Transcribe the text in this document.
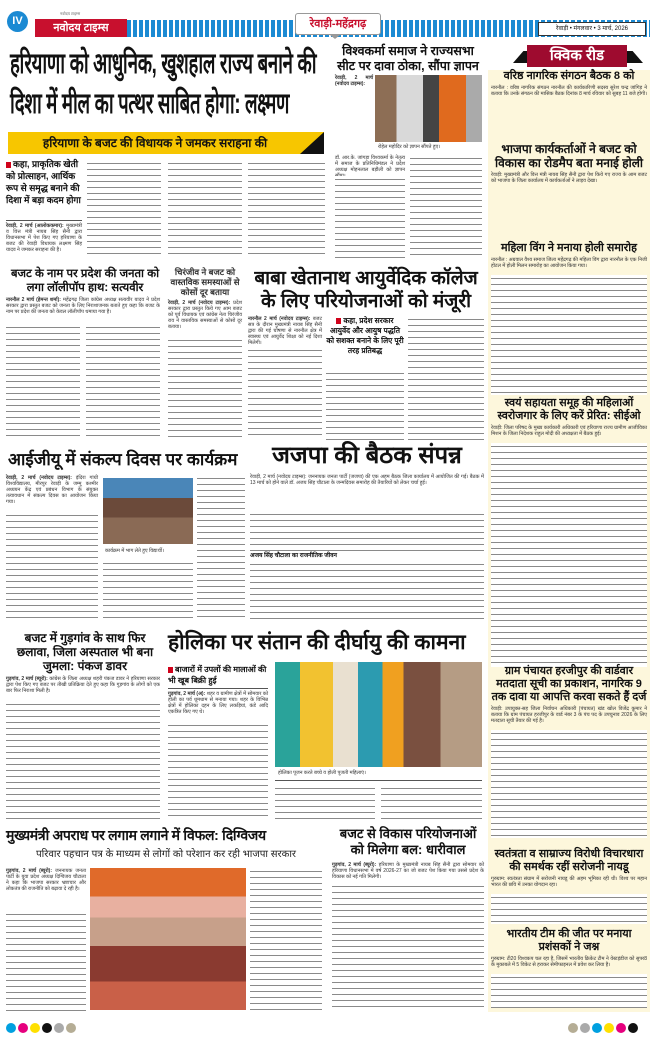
IV
नवोदय टाइम्स
नवोदय टाइम्स	रेवाड़ी-महेंद्रगढ़	रेवाड़ी • मंगलवार • 3 मार्च, 2026
हरियाणा को आधुनिक, खुशहाल राज्य बनाने की दिशा में मील का पत्थर साबित होगा: लक्ष्मण
हरियाणा के बजट की विधायक ने जमकर सराहना की
कहा, प्राकृतिक खेती को प्रोत्साहन, आर्थिक रूप से समृद्ध बनाने की दिशा में बड़ा कदम होगा
रेवाड़ी, 2 मार्च (आलोककमार): मुख्यमंत्री व वित्त मंत्री नायब सिंह सैनी द्वारा विधानसभा में पेश किए गए हरियाणा के बजट की रेवाड़ी विधायक लक्ष्मण सिंह यादव ने जमकर सराहना की है।
विश्वकर्मा समाज ने राज्यसभा सीट पर दावा ठोका, सौंपा ज्ञापन
रेवाड़ी, 2 मार्च (नवोदय टाइम्स):
रोहेल महोदिर को ज्ञापन सौंपते हुए।
डॉ. आर.के. जांगड़ा विश्वकर्मा के नेतृत्व में समाज के प्रतिनिधिमंडल ने प्रदेश अध्यक्ष मोहनलाल बड़ौली को ज्ञापन
क्विक रीड
वरिष्ठ नागरिक संगठन बैठक 8 को
नारनौल : वरिष्ठ नागरिक संगठन नारनौल की कार्यकारिणी सदस्य सुरेश चन्द्र जांगिड़ ने बताया कि उनके संगठन की मासिक बैठक दिनांक 8 मार्च रविवार को सुबह 11 बजे होगी।
भाजपा कार्यकर्ताओं ने बजट को विकास का रोडमैप बता मनाई होली
रेवाड़ी: मुख्यमंत्री और वित्त मंत्री नायब सिंह सैनी द्वारा पेश किये गए राज्य के आम बजट को भाजपा के जिला कार्यालय में कार्यकर्ताओं ने लाइव देखा।
महिला विंग ने मनाया होली समारोह
नारनौल : अग्रवाल वैश्य समाज जिला महेंद्रगढ़ की महिला विंग द्वारा नारनौल के एक निजी होटल में होली मिलन समारोह का आयोजन किया गया।
स्वयं सहायता समूह की महिलाओं स्वरोजगार के लिए करें प्रेरित: सीईओ
रेवाड़ी: जिला परिषद के मुख्य कार्यकारी अधिकारी एवं हरियाणा राज्य ग्रामीण आजीविका मिशन के जिला निदेशक राहुल मोदी की अध्यक्षता में बैठक हुई।
ग्राम पंचायत हरजीपुर की वार्डवार मतदाता सूची का प्रकाशन, नागरिक 9 तक दावा या आपत्ति करवा सकते हैं दर्ज
रेवाड़ी: उपायुक्त-सह जिला निर्वाचन अधिकारी (पंचायत) खंड खोल विजेंद्र कुमार ने बताया कि ग्राम पंचायत हरजीपुर के वार्ड नंबर 3 के पंच पद के उपचुनाव 2026 के लिए मतदाता सूची तैयार की गई है।
स्वतंत्रता व साम्राज्य विरोधी विचारधारा की समर्थक रहीं सरोजनी नायडू
गुरुग्राम: स्वतंत्रता संग्राम में सरोजनी नायडू की अहम भूमिका रही थी। विश्व पर महान भारत की छवि में उनका योगदान रहा।
भारतीय टीम की जीत पर मनाया प्रशंसकों ने जश्न
गुरुग्राम: टी20 विश्वकप चल रहा है, जिसमें भारतीय क्रिकेट टीम ने वेस्टइंडीज को सुपर8 के मुकाबले में 5 विकेट से हराकर सेमीफाइनल में प्रवेश कर लिया है।
बजट के नाम पर प्रदेश की जनता को लगा लॉलीपॉप हाथ: सत्यवीर
नारनौल 2 मार्च (हेमन्त शर्मा): महेंद्रगढ़ जिला कांग्रेस अध्यक्ष सत्यवीर यादव ने प्रदेश सरकार द्वारा प्रस्तुत बजट को जनता के लिए निराशाजनक बताते हुए कहा कि बजट के नाम पर प्रदेश की जनता को केवल लॉलीपॉप थमाया गया है।
चिरंजीव ने बजट को वास्तविक समस्याओं से कोसों दूर बताया
रेवाड़ी, 2 मार्च (नवोदय टाइम्स): प्रदेश सरकार द्वारा प्रस्तुत किये गए आम बजट को पूर्व विधायक एवं कांग्रेस नेता चिरंजीव राव ने वास्तविक समस्याओं से कोसों दूर बताया।
बाबा खेतानाथ आयुर्वेदिक कॉलेज के लिए परियोजनाओं को मंजूरी
नारनौल 2 मार्च (नवोदय टाइम्स): बजट सत्र के दौरान मुख्यमंत्री नायब सिंह सैनी द्वारा की गई घोषणा से नारनौल क्षेत्र में स्वास्थ्य एवं आयुर्वेद शिक्षा को नई दिशा मिलेगी।
कहा, प्रदेश सरकार आयुर्वेद और आयुष पद्धति को सशक्त बनाने के लिए पूरी तरह प्रतिबद्ध
आईजीयू में संकल्प दिवस पर कार्यक्रम
रेवाड़ी, 2 मार्च (नवोदय टाइम्स): इंदिरा गांधी विश्वविद्यालय, मीरपुर रेवाड़ी के जम्मू कश्मीर अध्ययन केंद्र एवं प्रबंधन विभाग के संयुक्त तत्वावधान में संकल्प दिवस का आयोजन किया गया।
कार्यक्रम में भाग लेते हुए विद्यार्थी।
जजपा की बैठक संपन्न
रेवाड़ी, 2 मार्च (नवोदय टाइम्स): जननायक जनता पार्टी (जजपा) की एक अहम बैठक जिला कार्यालय में आयोजित की गई। बैठक में 13 मार्च को होने वाले डॉ. अजय सिंह चौटाला के जन्मदिवस समारोह की तैयारियों को लेकर चर्चा हुई।
अजय सिंह चौटाला का राजनीतिक जीवन
बजट में गुड़गांव के साथ फिर छलावा, जिला अस्पताल भी बना जुमला: पंकज डावर
गुड़गांव, 2 मार्च (ब्यूरो): कांग्रेस के जिला अध्यक्ष शहरी पंकज डावर ने हरियाणा सरकार द्वारा पेश किए गए बजट पर तीखी प्रतिक्रिया देते हुए कहा कि गुड़गांव के लोगों को एक बार फिर निराशा मिली है।
होलिका पर संतान की दीर्घायु की कामना
बाजारों में उपलों की मालाओं की भी खूब बिक्री हुई
गुड़गांव, 2 मार्च (अ): शहर व ग्रामीण क्षेत्रों में सोमवार को होली का पर्व धूमधाम से मनाया गया। शहर के विभिन्न क्षेत्रों में होलिका दहन के लिए लकड़ियां, कंडे आदि एकत्रित किए गए थे।
होलिका पूजन करते बच्चे व होली पूजती महिलाएं।
मुख्यमंत्री अपराध पर लगाम लगाने में विफल: दिग्विजय
परिवार पहचान पत्र के माध्यम से लोगों को परेशान कर रही भाजपा सरकार
गुड़गांव, 2 मार्च (ब्यूरो): जननायक जनता पार्टी के युवा प्रदेश अध्यक्ष दिग्विजय चौटाला ने कहा कि भाजपा सरकार भ्रष्टाचार और लोकतंत्र की राजनीति को बढ़ावा दे रही है।
बजट से विकास परियोजनाओं को मिलेगा बल: धारीवाल
गुड़गांव, 2 मार्च (ब्यूरो): हरियाणा के मुख्यमंत्री नायब सिंह सैनी द्वारा सोमवार को हरियाणा विधानसभा में वर्ष 2026-27 का जो बजट पेश किया गया उससे प्रदेश के विकास को नई गति मिलेगी।
